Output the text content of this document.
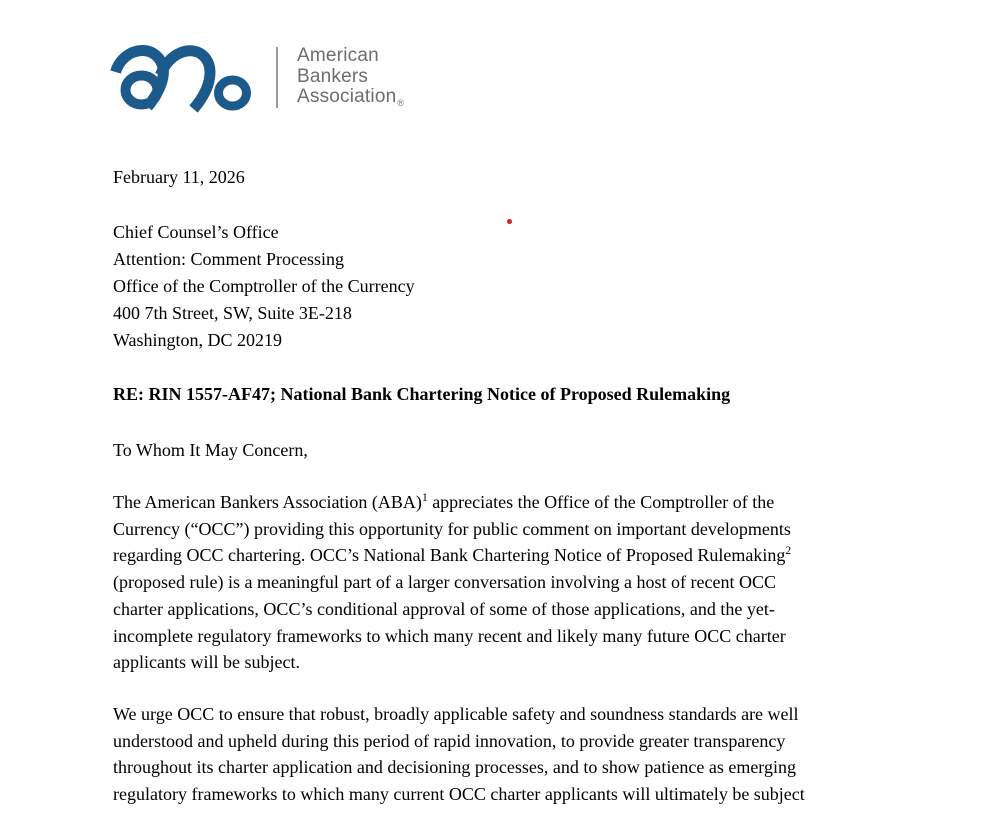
American
Bankers
Association$_®$
February 11, 2026
Chief Counsel’s Office
Attention: Comment Processing
Office of the Comptroller of the Currency
400 7th Street, SW, Suite 3E-218
Washington, DC 20219
RE: RIN 1557-AF47; National Bank Chartering Notice of Proposed Rulemaking
To Whom It May Concern,
The American Bankers Association (ABA)$^1$ appreciates the Office of the Comptroller of the
Currency (“OCC”) providing this opportunity for public comment on important developments
regarding OCC chartering. OCC’s National Bank Chartering Notice of Proposed Rulemaking$^2$
(proposed rule) is a meaningful part of a larger conversation involving a host of recent OCC
charter applications, OCC’s conditional approval of some of those applications, and the yet-
incomplete regulatory frameworks to which many recent and likely many future OCC charter
applicants will be subject.
We urge OCC to ensure that robust, broadly applicable safety and soundness standards are well
understood and upheld during this period of rapid innovation, to provide greater transparency
throughout its charter application and decisioning processes, and to show patience as emerging
regulatory frameworks to which many current OCC charter applicants will ultimately be subject
